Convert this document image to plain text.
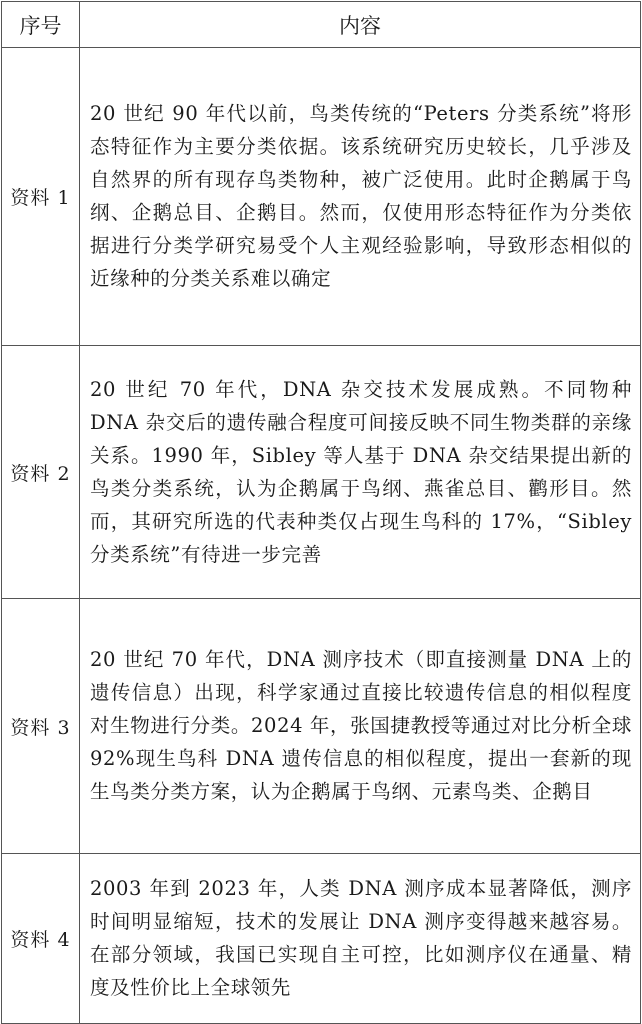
序号	内容
资料 1	20 世纪 90 年代以前，鸟类传统的“Peters 分类系统”将形态特征作为主要分类依据。该系统研究历史较长，几乎涉及自然界的所有现存鸟类物种，被广泛使用。此时企鹅属于鸟纲、企鹅总目、企鹅目。然而，仅使用形态特征作为分类依据进行分类学研究易受个人主观经验影响，导致形态相似的近缘种的分类关系难以确定
资料 2	20 世纪 70 年代，DNA 杂交技术发展成熟。不同物种 DNA 杂交后的遗传融合程度可间接反映不同生物类群的亲缘关系。1990 年，Sibley 等人基于 DNA 杂交结果提出新的鸟类分类系统，认为企鹅属于鸟纲、燕雀总目、鹳形目。然而，其研究所选的代表种类仅占现生鸟科的 17%，“Sibley 分类系统”有待进一步完善
资料 3	20 世纪 70 年代，DNA 测序技术（即直接测量 DNA 上的遗传信息）出现，科学家通过直接比较遗传信息的相似程度对生物进行分类。2024 年，张国捷教授等通过对比分析全球 92%现生鸟科 DNA 遗传信息的相似程度，提出一套新的现生鸟类分类方案，认为企鹅属于鸟纲、元素鸟类、企鹅目
资料 4	2003 年到 2023 年，人类 DNA 测序成本显著降低，测序时间明显缩短，技术的发展让 DNA 测序变得越来越容易。在部分领域，我国已实现自主可控，比如测序仪在通量、精度及性价比上全球领先
